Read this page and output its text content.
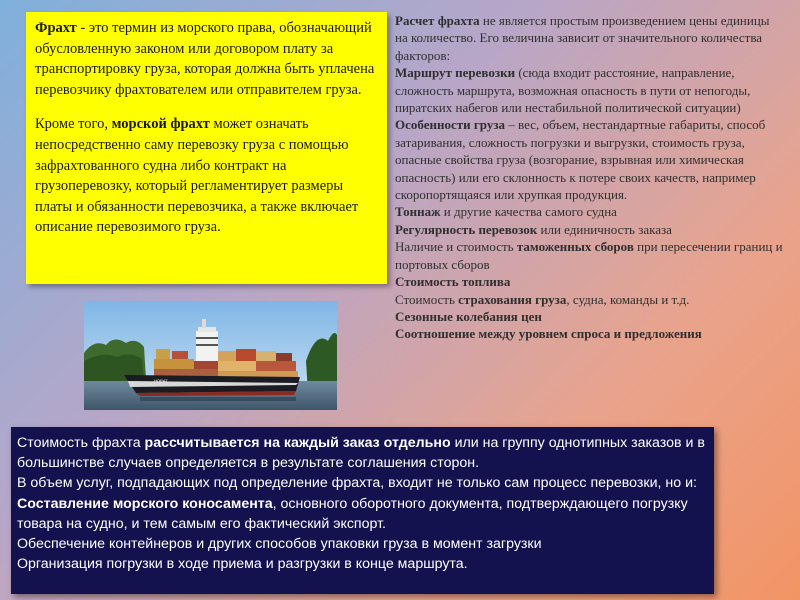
Фрахт - это термин из морского права, обозначающий обусловленную законом или договором плату за транспортировку груза, которая должна быть уплачена перевозчику фрахтователем или отправителем груза.

Кроме того, морской фрахт может означать непосредственно саму перевозку груза с помощью зафрахтованного судна либо контракт на грузоперевозку, который регламентирует размеры платы и обязанности перевозчика, а также включает описание перевозимого груза.

HORAT
Расчет фрахта не является простым произведением цены единицы на количество. Его величина зависит от значительного количества факторов:
Маршрут перевозки (сюда входит расстояние, направление, сложность маршрута, возможная опасность в пути от непогоды, пиратских набегов или нестабильной политической ситуации)
Особенности груза – вес, объем, нестандартные габариты, способ затаривания, сложность погрузки и выгрузки, стоимость груза, опасные свойства груза (возгорание, взрывная или химическая опасность) или его склонность к потере своих качеств, например скоропортящаяся или хрупкая продукция.
Тоннаж и другие качества самого судна
Регулярность перевозок или единичность заказа
Наличие и стоимость таможенных сборов при пересечении границ и портовых сборов
Стоимость топлива
Стоимость страхования груза, судна, команды и т.д.
Сезонные колебания цен
Соотношение между уровнем спроса и предложения
Стоимость фрахта рассчитывается на каждый заказ отдельно или на группу однотипных заказов и в большинстве случаев определяется в результате соглашения сторон.
В объем услуг, подпадающих под определение фрахта, входит не только сам процесс перевозки, но и:
Составление морского коносамента, основного оборотного документа, подтверждающего погрузку товара на судно, и тем самым его фактический экспорт.
Обеспечение контейнеров и других способов упаковки груза в момент загрузки
Организация погрузки в ходе приема и разгрузки в конце маршрута.
